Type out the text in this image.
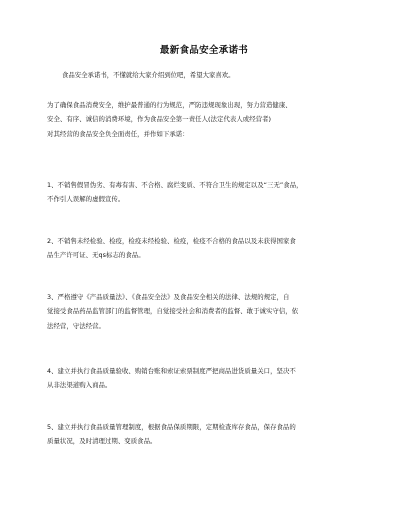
最新食品安全承诺书
食品安全承诺书，不懂就给大家介绍到位吧，希望大家喜欢。
为了确保食品消费安全，维护最普通的行为规范，严防违规现象出现，努力营造健康、
安全、有序、诚信的消费环境，作为食品安全第一责任人(法定代表人或经营者)
对其经营的食品安全负全面责任，并作如下承诺：
1、不销售假冒伪劣、有毒有害、不合格、腐烂变质、不符合卫生的规定以及“三无”食品，
不作引人误解的虚假宣传。
2、不销售未经检验、检疫，检疫未经检验、检疫，检疫不合格的食品以及未获得国家食
品生产许可证、无qs标志的食品。
3、严格遵守《产品质量法》、《食品安全法》及食品安全相关的法律、法规的规定，自
觉接受食品药品监管部门的监督管理，自觉接受社会和消费者的监督、敢于诚实守信，依
法经营，守法经营。
4、建立并执行食品质量验收、购销台账和索证索票制度严把商品进货质量关口，坚决不
从非法渠道购入商品。
5、建立并执行食品质量管理制度，根据食品保质期限，定期检查库存食品，保存食品的
质量状况，及时清理过期、变质食品。
